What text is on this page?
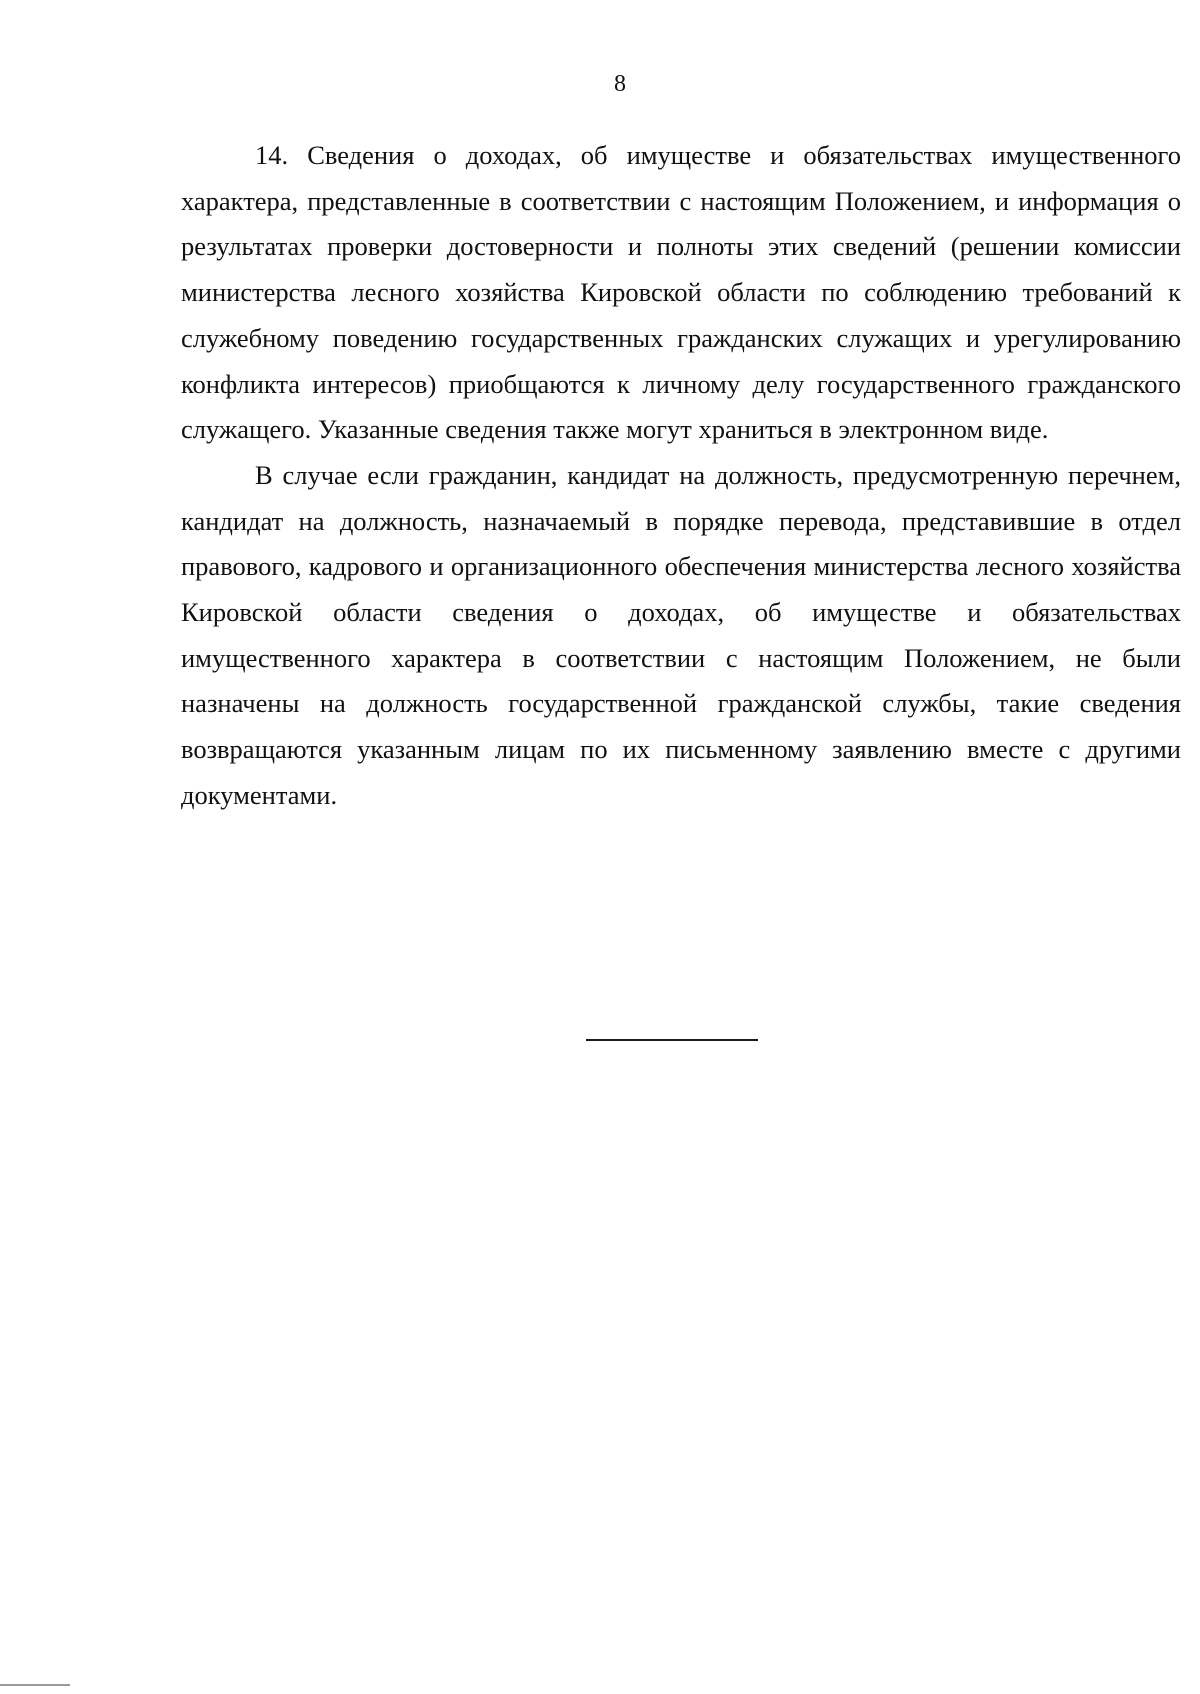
8

14. Сведения о доходах, об имуществе и обязательствах имущественного характера, представленные в соответствии с настоящим Положением, и информация о результатах проверки достоверности и полноты этих сведений (решении комиссии министерства лесного хозяйства Кировской области по соблюдению требований к служебному поведению государственных гражданских служащих и урегулированию конфликта интересов) приобщаются к личному делу государственного гражданского служащего. Указанные сведения также могут храниться в электронном виде.

В случае если гражданин, кандидат на должность, предусмотренную перечнем, кандидат на должность, назначаемый в порядке перевода, представившие в отдел правового, кадрового и организационного обеспечения министерства лесного хозяйства Кировской области сведения о доходах, об имуществе и обязательствах имущественного характера в соответствии с настоящим Положением, не были назначены на должность государственной гражданской службы, такие сведения возвращаются указанным лицам по их письменному заявлению вместе с другими документами.
